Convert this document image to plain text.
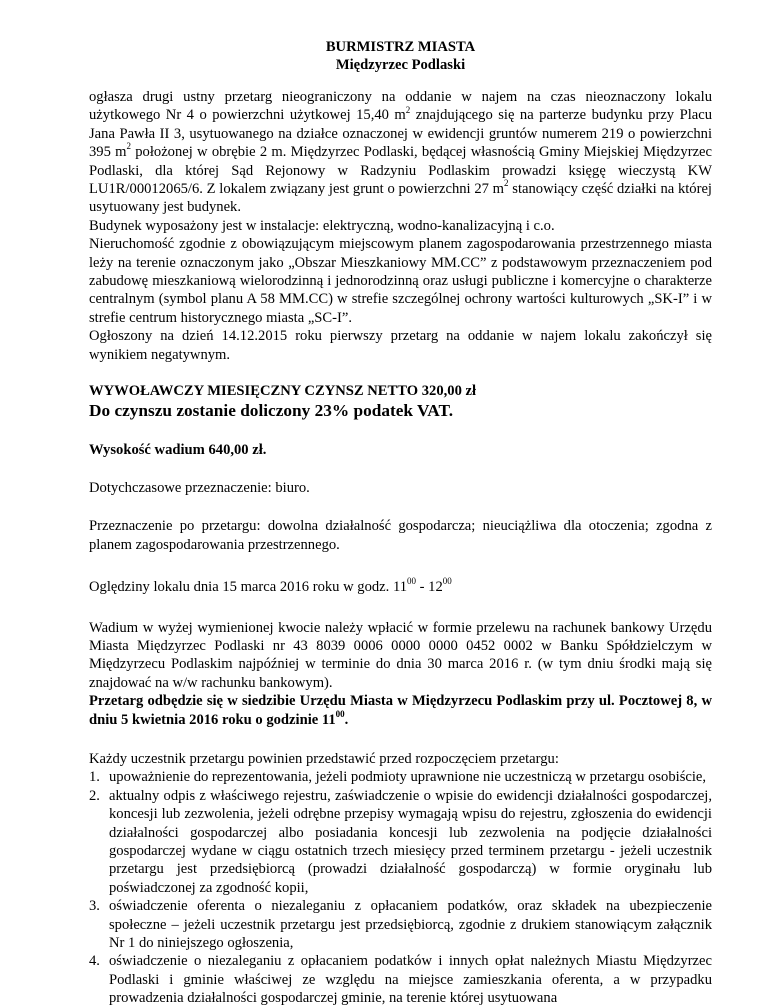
BURMISTRZ MIASTA
Międzyrzec Podlaski

ogłasza drugi ustny przetarg nieograniczony na oddanie w najem na czas nieoznaczony lokalu użytkowego Nr 4 o powierzchni użytkowej 15,40 $m^2$ znajdującego się na parterze budynku przy Placu Jana Pawła II 3, usytuowanego na działce oznaczonej w ewidencji gruntów numerem 219 o powierzchni 395 $m^2$ położonej w obrębie 2 m. Międzyrzec Podlaski, będącej własnością Gminy Miejskiej Międzyrzec Podlaski, dla której Sąd Rejonowy w Radzyniu Podlaskim prowadzi księgę wieczystą KW LU1R/00012065/6. Z lokalem związany jest grunt o powierzchni 27 $m^2$ stanowiący część działki na której usytuowany jest budynek.

Budynek wyposażony jest w instalacje: elektryczną, wodno-kanalizacyjną i c.o.

Nieruchomość zgodnie z obowiązującym miejscowym planem zagospodarowania przestrzennego miasta leży na terenie oznaczonym jako „Obszar Mieszkaniowy MM.CC” z podstawowym przeznaczeniem pod zabudowę mieszkaniową wielorodzinną i jednorodzinną oraz usługi publiczne i komercyjne o charakterze centralnym (symbol planu A 58 MM.CC) w strefie szczególnej ochrony wartości kulturowych „SK-I” i w strefie centrum historycznego miasta „SC-I”.

Ogłoszony na dzień 14.12.2015 roku pierwszy przetarg na oddanie w najem lokalu zakończył się wynikiem negatywnym.

WYWOŁAWCZY MIESIĘCZNY CZYNSZ NETTO 320,00 zł

Do czynszu zostanie doliczony 23% podatek VAT.

Wysokość wadium 640,00 zł.

Dotychczasowe przeznaczenie: biuro.

Przeznaczenie po przetargu: dowolna działalność gospodarcza; nieuciążliwa dla otoczenia; zgodna z planem zagospodarowania przestrzennego.

Oględziny lokalu dnia 15 marca 2016 roku w godz. $11^{00} - 12^{00}$

Wadium w wyżej wymienionej kwocie należy wpłacić w formie przelewu na rachunek bankowy Urzędu Miasta Międzyrzec Podlaski nr 43 8039 0006 0000 0000 0452 0002 w Banku Spółdzielczym w Międzyrzecu Podlaskim najpóźniej w terminie do dnia 30 marca 2016 r. (w tym dniu środki mają się znajdować na w/w rachunku bankowym).

Przetarg odbędzie się w siedzibie Urzędu Miasta w Międzyrzecu Podlaskim przy ul. Pocztowej 8, w dniu 5 kwietnia 2016 roku o godzinie $11^{00}$.

Każdy uczestnik przetargu powinien przedstawić przed rozpoczęciem przetargu:

1. upoważnienie do reprezentowania, jeżeli podmioty uprawnione nie uczestniczą w przetargu osobiście,
2. aktualny odpis z właściwego rejestru, zaświadczenie o wpisie do ewidencji działalności gospodarczej, koncesji lub zezwolenia, jeżeli odrębne przepisy wymagają wpisu do rejestru, zgłoszenia do ewidencji działalności gospodarczej albo posiadania koncesji lub zezwolenia na podjęcie działalności gospodarczej wydane w ciągu ostatnich trzech miesięcy przed terminem przetargu - jeżeli uczestnik przetargu jest przedsiębiorcą (prowadzi działalność gospodarczą) w formie oryginału lub poświadczonej za zgodność kopii,
3. oświadczenie oferenta o niezaleganiu z opłacaniem podatków, oraz składek na ubezpieczenie społeczne – jeżeli uczestnik przetargu jest przedsiębiorcą, zgodnie z drukiem stanowiącym załącznik Nr 1 do niniejszego ogłoszenia,
4. oświadczenie o niezaleganiu z opłacaniem podatków i innych opłat należnych Miastu Międzyrzec Podlaski i gminie właściwej ze względu na miejsce zamieszkania oferenta, a w przypadku prowadzenia działalności gospodarczej gminie, na terenie której usytuowana
